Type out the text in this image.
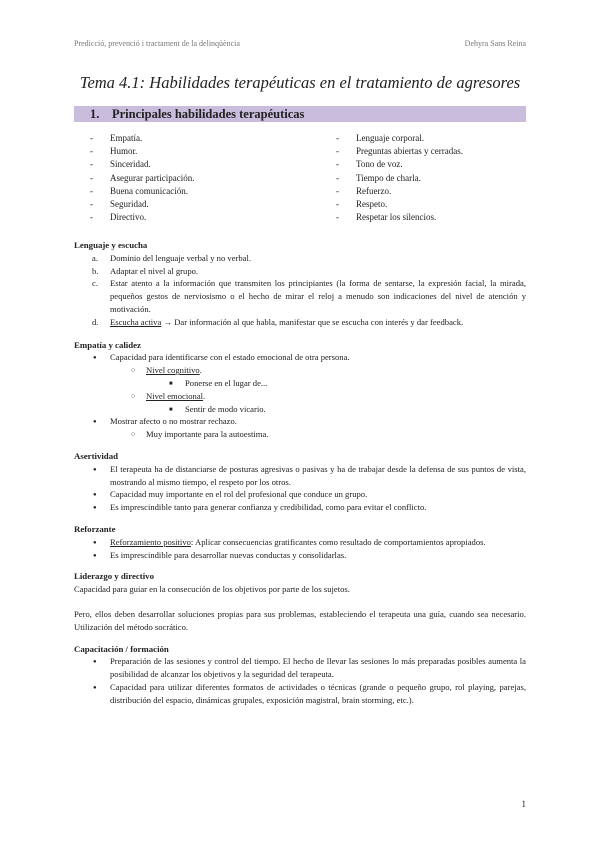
Predicció, prevenció i tractament de la delinqüència	Dehyra Sans Reina
Tema 4.1: Habilidades terapéuticas en el tratamiento de agresores
1. Principales habilidades terapéuticas
- Empatía.
- Humor.
- Sinceridad.
- Asegurar participación.
- Buena comunicación.
- Seguridad.
- Directivo.
- Lenguaje corporal.
- Preguntas abiertas y cerradas.
- Tono de voz.
- Tiempo de charla.
- Refuerzo.
- Respeto.
- Respetar los silencios.
Lenguaje y escucha
a. Dominio del lenguaje verbal y no verbal.
b. Adaptar el nivel al grupo.
c. Estar atento a la información que transmiten los principiantes (la forma de sentarse, la expresión facial, la mirada, pequeños gestos de nerviosismo o el hecho de mirar el reloj a menudo son indicaciones del nivel de atención y motivación.
d. Escucha activa → Dar información al que habla, manifestar que se escucha con interés y dar feedback.
Empatía y calidez
● Capacidad para identificarse con el estado emocional de otra persona.
○ Nivel cognitivo.
■ Ponerse en el lugar de...
○ Nivel emocional.
■ Sentir de modo vicario.
● Mostrar afecto o no mostrar rechazo.
○ Muy importante para la autoestima.
Asertividad
● El terapeuta ha de distanciarse de posturas agresivas o pasivas y ha de trabajar desde la defensa de sus puntos de vista, mostrando al mismo tiempo, el respeto por los otros.
● Capacidad muy importante en el rol del profesional que conduce un grupo.
● Es imprescindible tanto para generar confianza y credibilidad, como para evitar el conflicto.
Reforzante
● Reforzamiento positivo: Aplicar consecuencias gratificantes como resultado de comportamientos apropiados.
● Es imprescindible para desarrollar nuevas conductas y consolidarlas.
Liderazgo y directivo

Capacidad para guiar en la consecución de los objetivos por parte de los sujetos.

Pero, ellos deben desarrollar soluciones propias para sus problemas, estableciendo el terapeuta una guía, cuando sea necesario. Utilización del método socrático.

Capacitación / formación
● Preparación de las sesiones y control del tiempo. El hecho de llevar las sesiones lo más preparadas posibles aumenta la posibilidad de alcanzar los objetivos y la seguridad del terapeuta.
● Capacidad para utilizar diferentes formatos de actividades o técnicas (grande o pequeño grupo, rol playing, parejas, distribución del espacio, dinámicas grupales, exposición magistral, brain storming, etc.).
1
